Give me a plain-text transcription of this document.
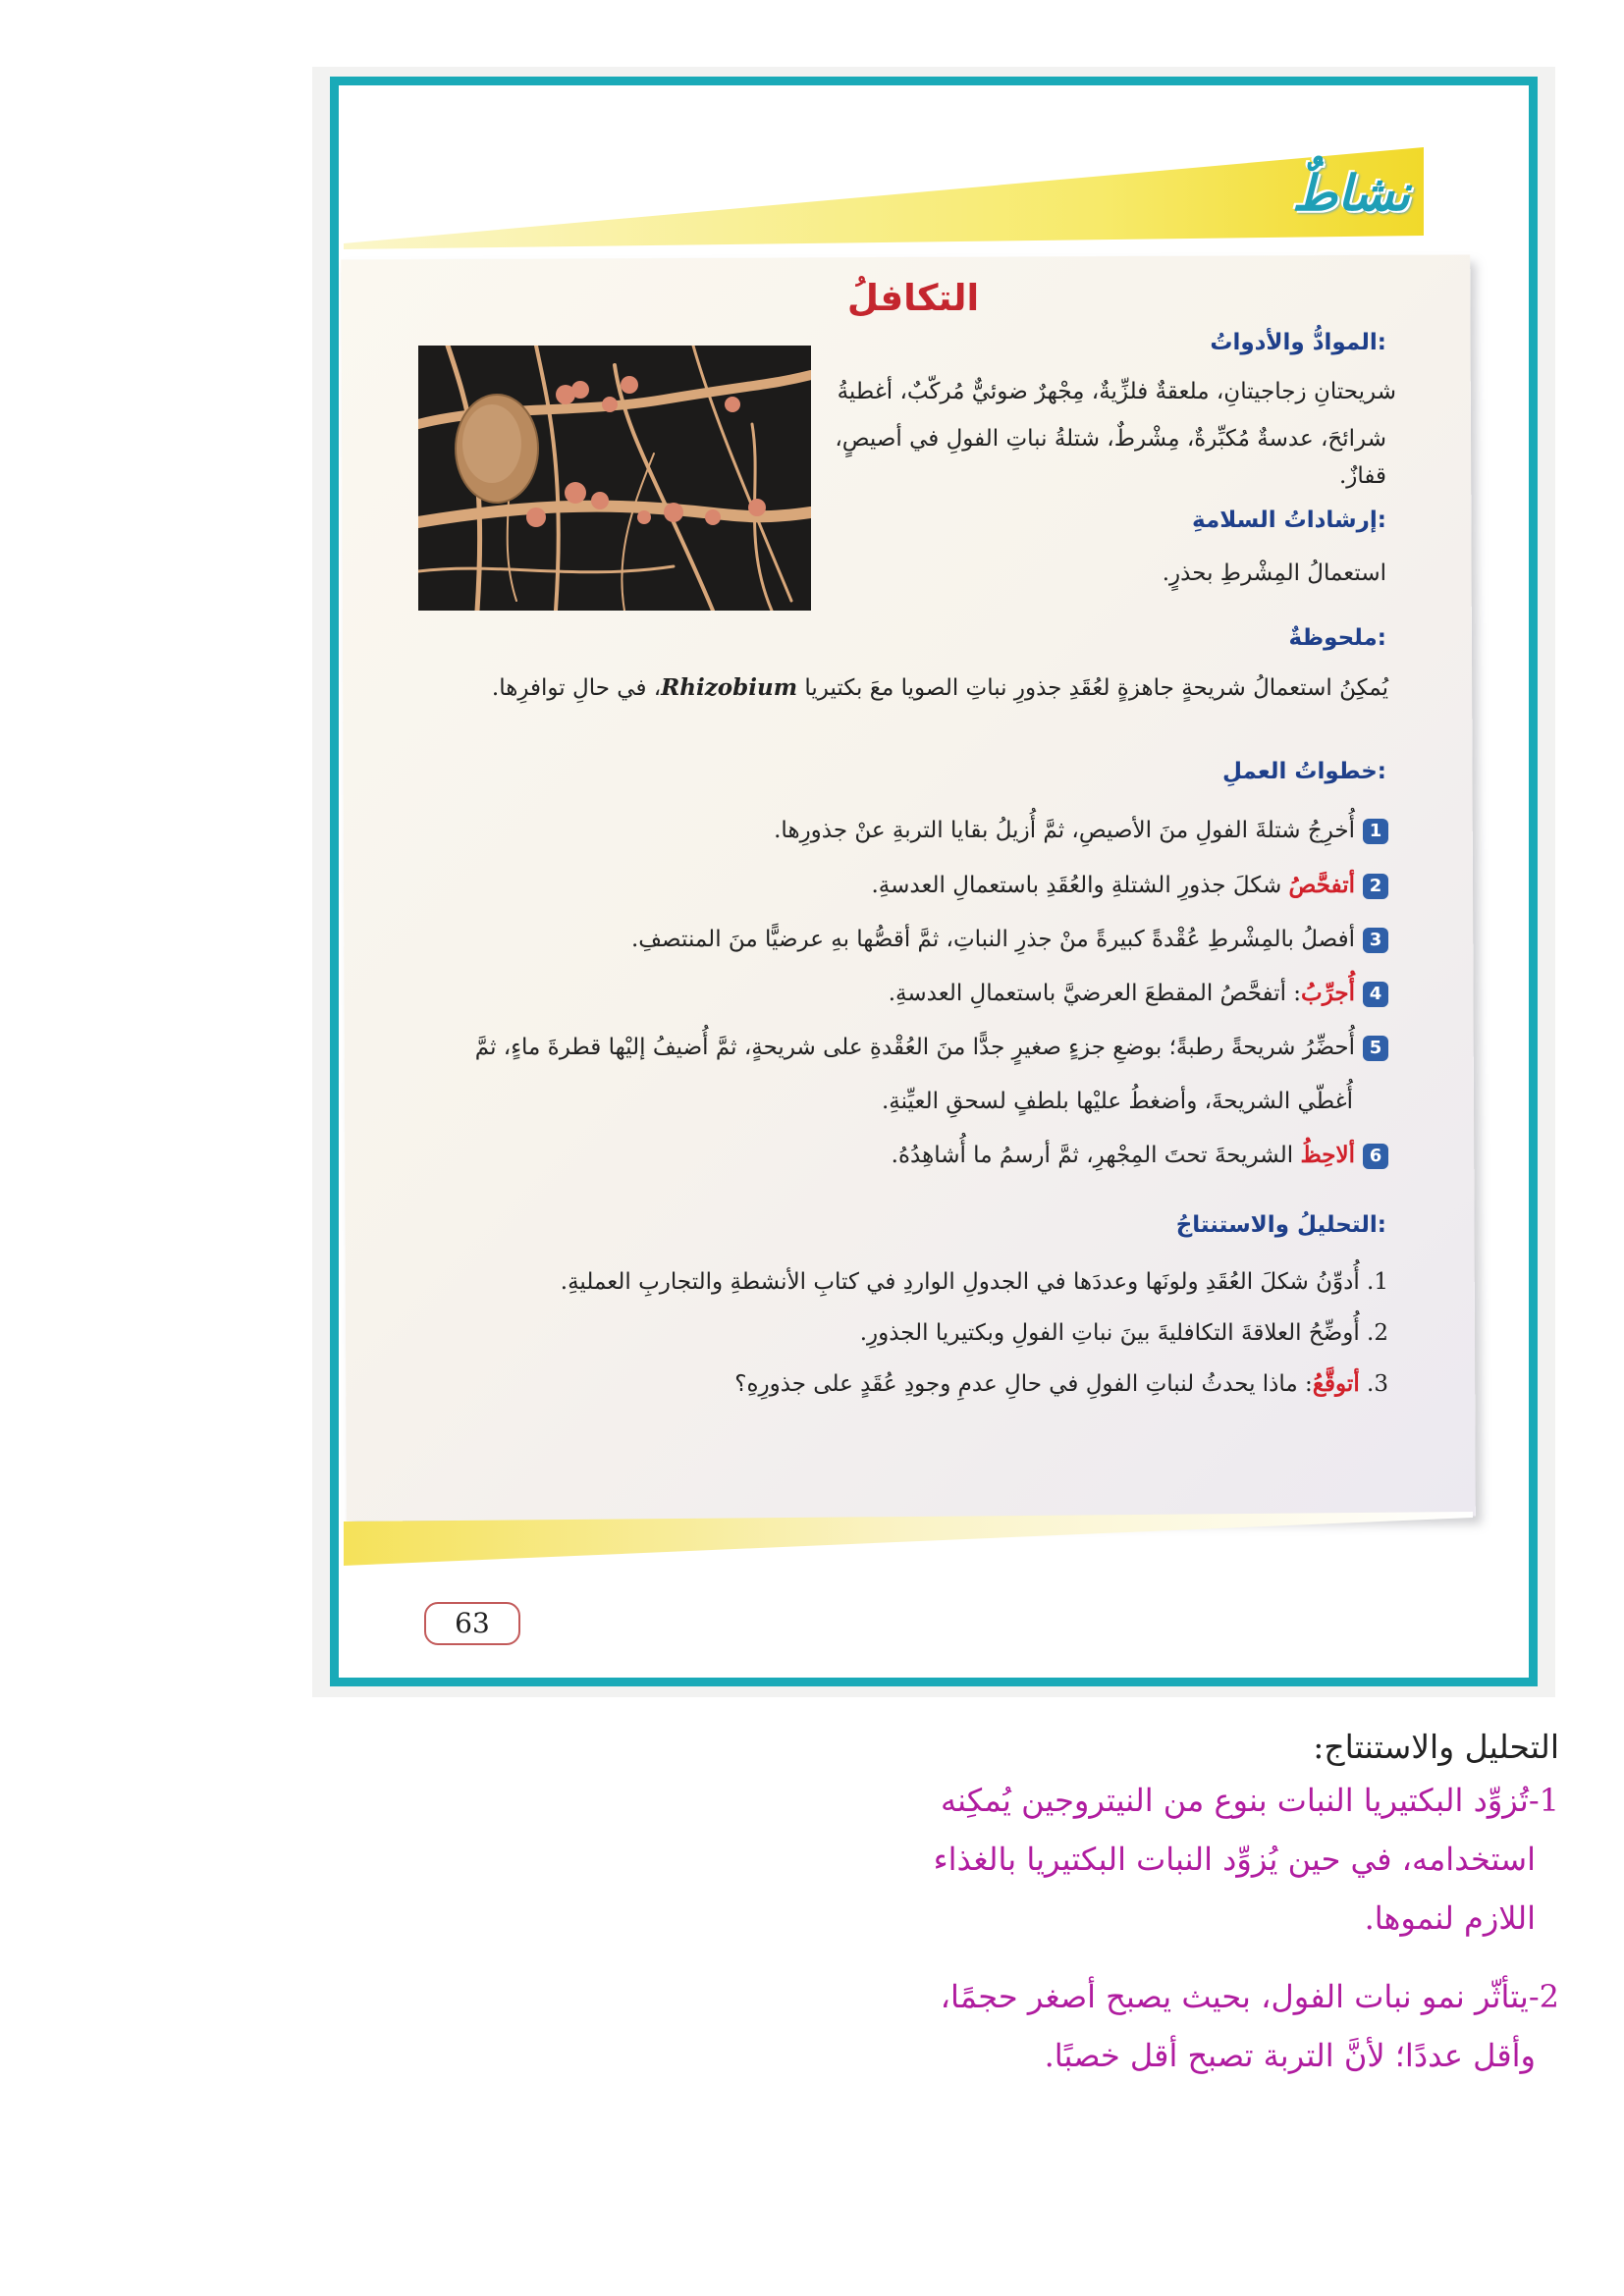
نشاطٌ
التكافلُ
الموادُّ والأدواتُ:
شريحتانِ زجاجيتانِ، ملعقةٌ فلزِّيةٌ، مِجْهرٌ ضوئيٌّ مُركّبٌ، أغطيةُ
شرائحَ، عدسةٌ مُكبِّرةٌ، مِشْرطٌ، شتلةُ نباتِ الفولِ في أصيصٍ، قفازٌ.
إرشاداتُ السلامةِ:
استعمالُ المِشْرطِ بحذرٍ.
ملحوظةٌ:
يُمكِنُ استعمالُ شريحةٍ جاهزةٍ لعُقَدِ جذورِ نباتِ الصويا معَ بكتيريا Rhizobium، في حالِ توافرِها.
خطواتُ العملِ:
1أُخرِجُ شتلةَ الفولِ منَ الأصيصِ، ثمَّ أُزيلُ بقايا التربةِ عنْ جذورِها.
2أتفحَّصُ شكلَ جذورِ الشتلةِ والعُقَدِ باستعمالِ العدسةِ.
3أفصلُ بالمِشْرطِ عُقْدةً كبيرةً منْ جذرِ النباتِ، ثمَّ أقصُّها بهِ عرضيًّا منَ المنتصفِ.
4أُجرِّبُ: أتفحَّصُ المقطعَ العرضيَّ باستعمالِ العدسةِ.
5أُحضِّرُ شريحةً رطبةً؛ بوضعِ جزءٍ صغيرٍ جدًّا منَ العُقْدةِ على شريحةٍ، ثمَّ أُضيفُ إليْها قطرةَ ماءٍ، ثمَّ
أُغطّي الشريحةَ، وأضغطُ عليْها بلطفٍ لسحقِ العيِّنةِ.
6ألاحِظُ الشريحةَ تحتَ المِجْهرِ، ثمَّ أرسمُ ما أُشاهِدُهُ.
التحليلُ والاستنتاجُ:
1. أُدوِّنُ شكلَ العُقَدِ ولونَها وعددَها في الجدولِ الواردِ في كتابِ الأنشطةِ والتجاربِ العمليةِ.
2. أُوضِّحُ العلاقةَ التكافليةَ بينَ نباتِ الفولِ وبكتيريا الجذورِ.
3. أتوقَّعُ: ماذا يحدثُ لنباتِ الفولِ في حالِ عدمِ وجودِ عُقَدٍ على جذورِهِ؟
63
التحليل والاستنتاج:
1-تُزوِّد البكتيريا النبات بنوع من النيتروجين يُمكِنه
استخدامه، في حين يُزوِّد النبات البكتيريا بالغذاء
اللازم لنموها.
2-يتأثّر نمو نبات الفول، بحيث يصبح أصغر حجمًا،
وأقل عددًا؛ لأنَّ التربة تصبح أقل خصبًا.
